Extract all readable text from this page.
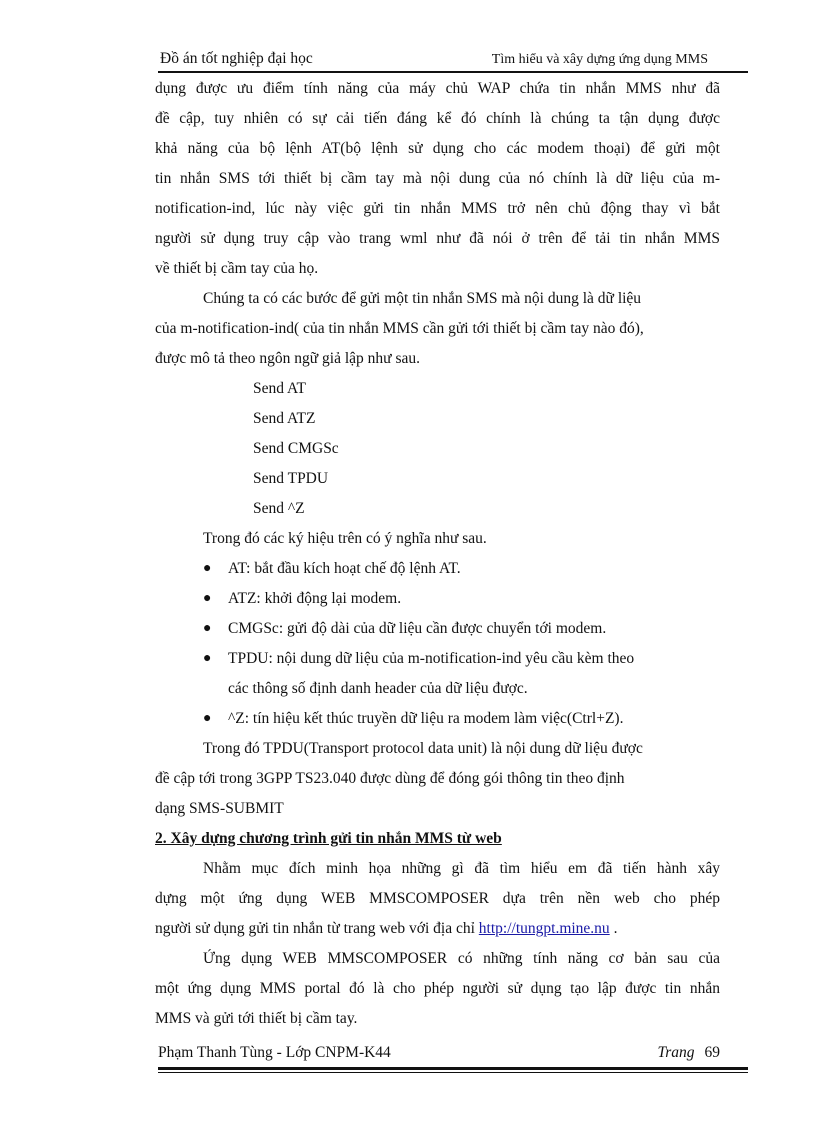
Đồ án tốt nghiệp đại học	Tìm hiểu và xây dựng ứng dụng MMS
dụng được ưu điểm tính năng của máy chủ WAP chứa tin nhắn MMS như đã
đề cập, tuy nhiên có sự cải tiến đáng kể đó chính là chúng ta tận dụng được
khả năng của bộ lệnh AT(bộ lệnh sử dụng cho các modem thoại) để gửi một
tin nhắn SMS tới thiết bị cầm tay mà nội dung của nó chính là dữ liệu của m-
notification-ind, lúc này việc gửi tin nhắn MMS trở nên chủ động thay vì bắt
người sử dụng truy cập vào trang wml như đã nói ở trên để tải tin nhắn MMS
về thiết bị cầm tay của họ.
Chúng ta có các bước để gửi một tin nhắn SMS mà nội dung là dữ liệu
của m-notification-ind( của tin nhắn MMS cần gửi tới thiết bị cầm tay nào đó),
được mô tả theo ngôn ngữ giả lập như sau.
Send AT
Send ATZ
Send CMGSc
Send TPDU
Send ^Z
Trong đó các ký hiệu trên có ý nghĩa như sau.
● AT: bắt đầu kích hoạt chế độ lệnh AT.
● ATZ: khởi động lại modem.
● CMGSc: gửi độ dài của dữ liệu cần được chuyển tới modem.
● TPDU: nội dung dữ liệu của m-notification-ind yêu cầu kèm theo
các thông số định danh header của dữ liệu được.
● ^Z: tín hiệu kết thúc truyền dữ liệu ra modem làm việc(Ctrl+Z).
Trong đó TPDU(Transport protocol data unit) là nội dung dữ liệu được
đề cập tới trong 3GPP TS23.040 được dùng để đóng gói thông tin theo định
dạng SMS-SUBMIT
2. Xây dựng chương trình gửi tin nhắn MMS từ web
Nhằm mục đích minh họa những gì đã tìm hiểu em đã tiến hành xây
dựng một ứng dụng WEB MMSCOMPOSER dựa trên nền web cho phép
người sử dụng gửi tin nhắn từ trang web với địa chỉ http://tungpt.mine.nu .
Ứng dụng WEB MMSCOMPOSER có những tính năng cơ bản sau của
một ứng dụng MMS portal đó là cho phép người sử dụng tạo lập được tin nhắn
MMS và gửi tới thiết bị cầm tay.
Phạm Thanh Tùng - Lớp CNPM-K44	Trang 69
